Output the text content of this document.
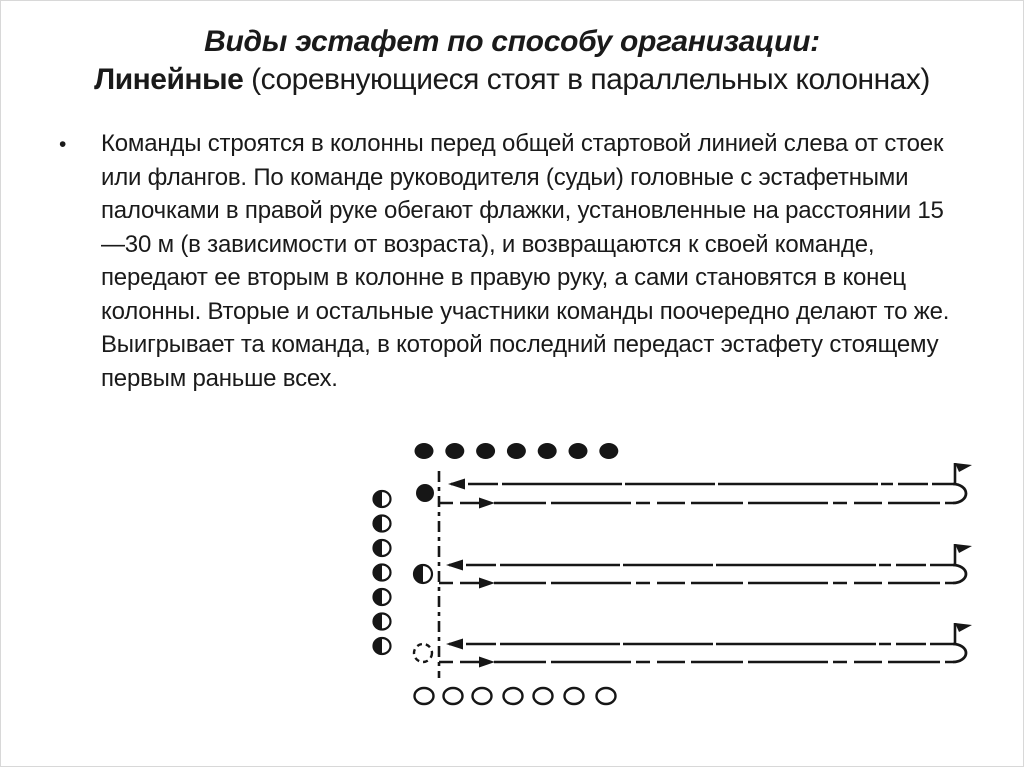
Виды эстафет по способу организации:
Линейные (соревнующиеся стоят в параллельных колоннах)
•	Команды строятся в колонны перед общей стартовой линией слева от стоек или флангов. По команде руководителя (судьи) головные с эстафетными палочками в правой руке обегают флажки, установленные на расстоянии 15—30 м (в зависимости от возраста), и возвращаются к своей команде, передают ее вторым в колонне в правую руку, а сами становятся в конец колонны. Вторые и остальные участники команды поочередно делают то же. Выигрывает та команда, в которой последний передаст эстафету стоящему первым раньше всех.
